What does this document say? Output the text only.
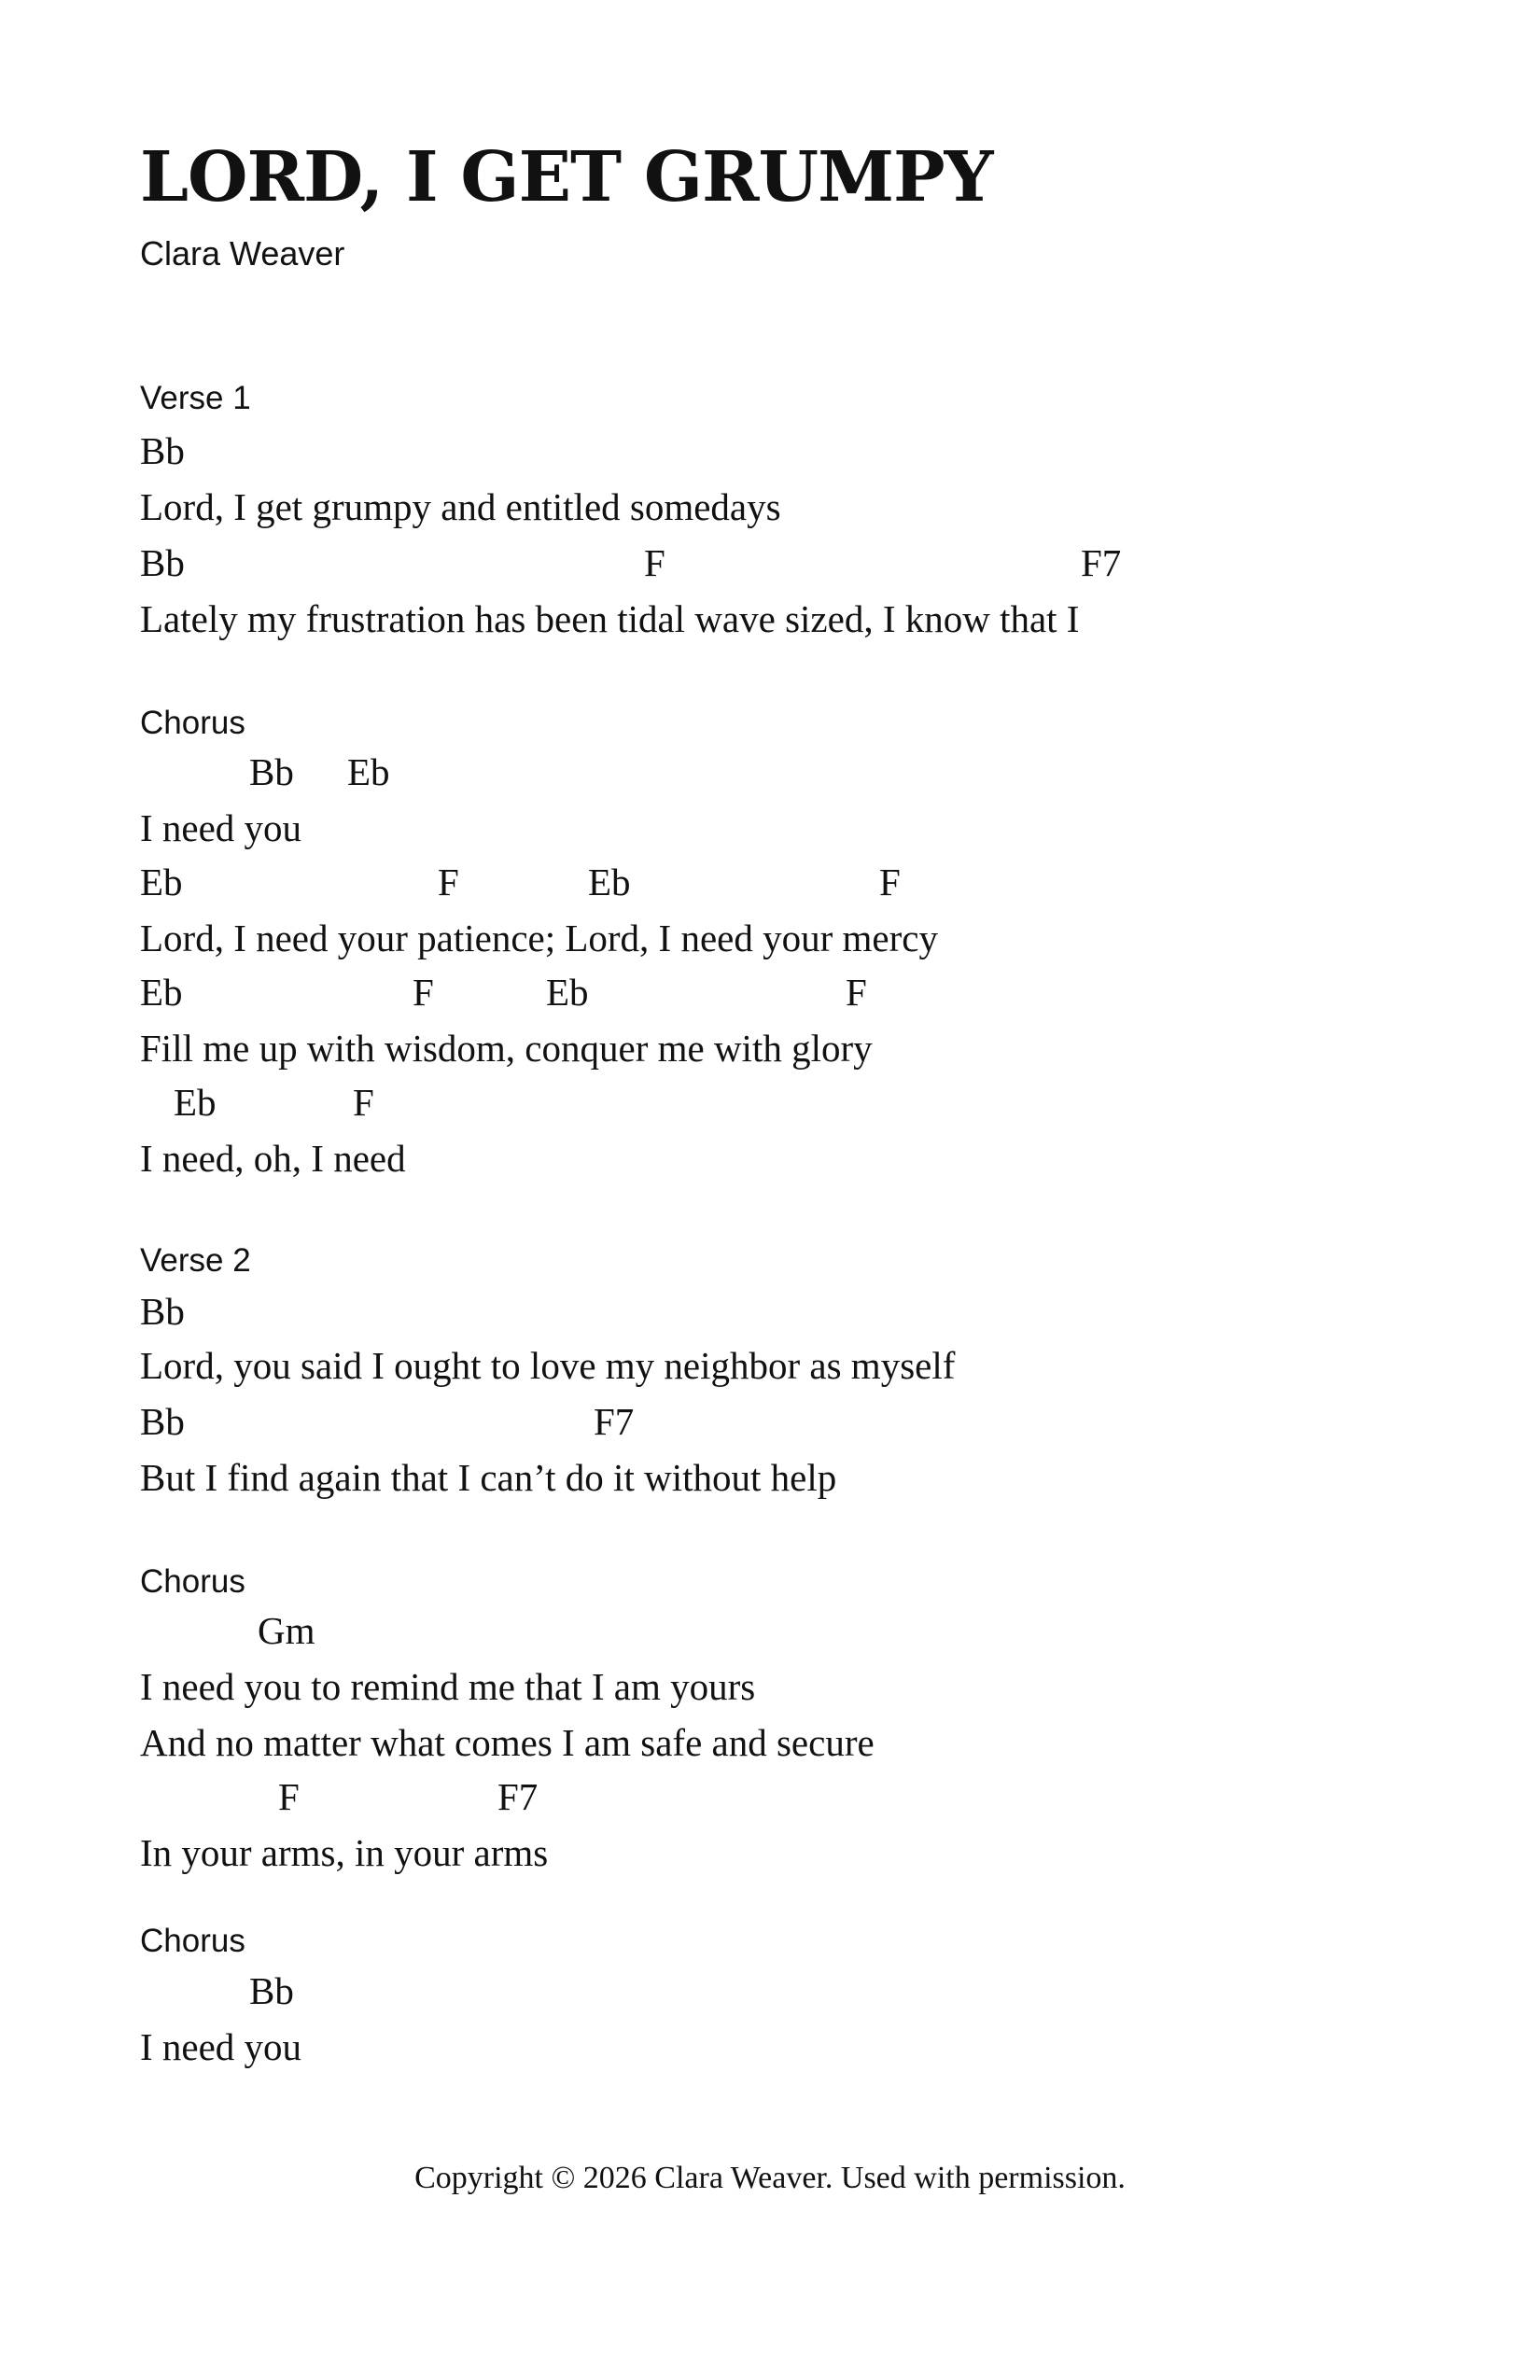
LORD, I GET GRUMPY
Clara Weaver
Verse 1
Bb
Lord, I get grumpy and entitled somedays
Bb	F	F7
Lately my frustration has been tidal wave sized, I know that I
Chorus
Bb Eb
I need you
Eb	F	Eb	F
Lord, I need your patience; Lord, I need your mercy
Eb	F	Eb	F
Fill me up with wisdom, conquer me with glory
Eb	F
I need, oh, I need
Verse 2
Bb
Lord, you said I ought to love my neighbor as myself
Bb	F7
But I find again that I can’t do it without help
Chorus
Gm
I need you to remind me that I am yours
And no matter what comes I am safe and secure
F	F7
In your arms, in your arms
Chorus
Bb
I need you
Copyright © 2026 Clara Weaver. Used with permission.
